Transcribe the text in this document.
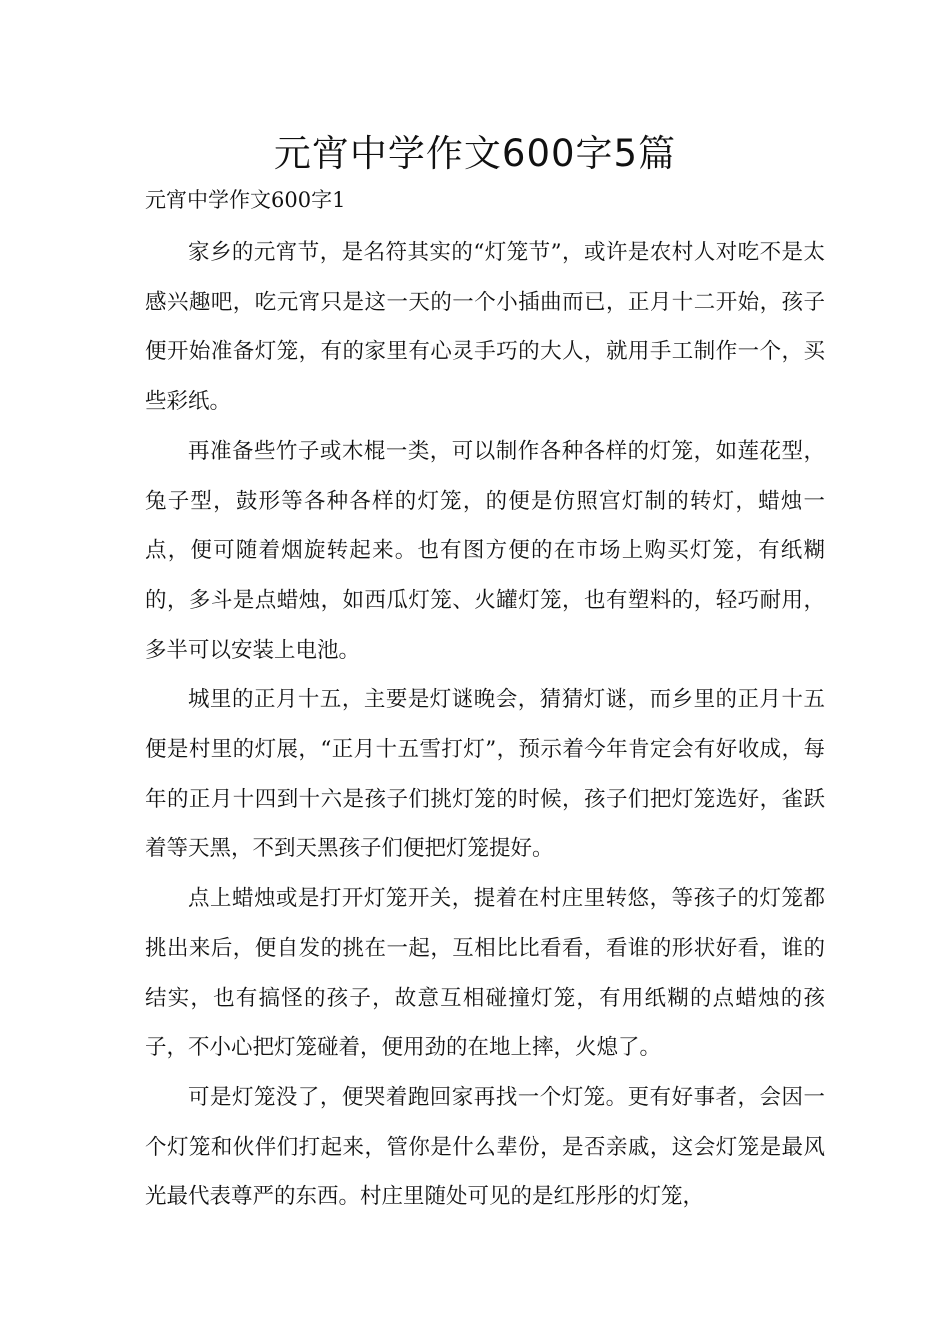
元宵中学作文600字5篇
元宵中学作文600字1

家乡的元宵节，是名符其实的“灯笼节”，或许是农村人对吃不是太感兴趣吧，吃元宵只是这一天的一个小插曲而已，正月十二开始，孩子便开始准备灯笼，有的家里有心灵手巧的大人，就用手工制作一个，买些彩纸。

再准备些竹子或木棍一类，可以制作各种各样的灯笼，如莲花型，兔子型，鼓形等各种各样的灯笼，的便是仿照宫灯制的转灯，蜡烛一点，便可随着烟旋转起来。也有图方便的在市场上购买灯笼，有纸糊的，多斗是点蜡烛，如西瓜灯笼、火罐灯笼，也有塑料的，轻巧耐用，多半可以安装上电池。

城里的正月十五，主要是灯谜晚会，猜猜灯谜，而乡里的正月十五便是村里的灯展，“正月十五雪打灯”，预示着今年肯定会有好收成，每年的正月十四到十六是孩子们挑灯笼的时候，孩子们把灯笼选好，雀跃着等天黑，不到天黑孩子们便把灯笼提好。

点上蜡烛或是打开灯笼开关，提着在村庄里转悠，等孩子的灯笼都挑出来后，便自发的挑在一起，互相比比看看，看谁的形状好看，谁的结实，也有搞怪的孩子，故意互相碰撞灯笼，有用纸糊的点蜡烛的孩子，不小心把灯笼碰着，便用劲的在地上摔，火熄了。

可是灯笼没了，便哭着跑回家再找一个灯笼。更有好事者，会因一个灯笼和伙伴们打起来，管你是什么辈份，是否亲戚，这会灯笼是最风光最代表尊严的东西。村庄里随处可见的是红彤彤的灯笼，
